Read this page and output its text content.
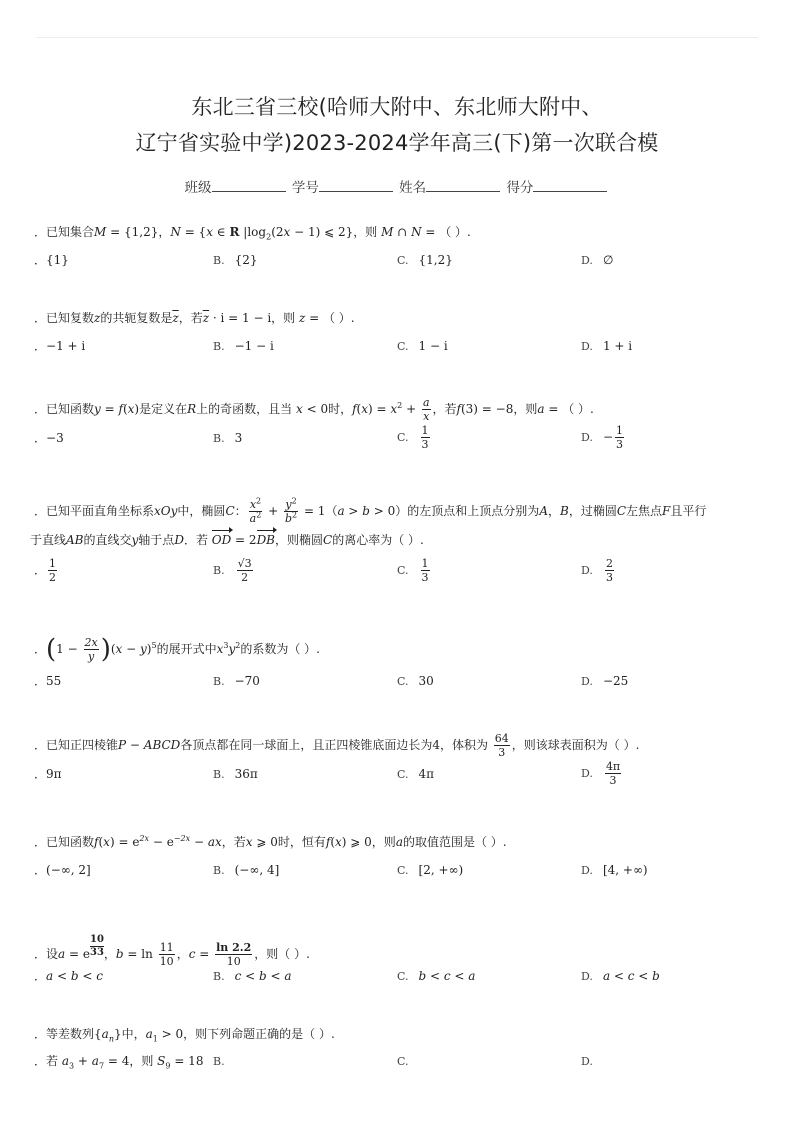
东北三省三校(哈师大附中、东北师大附中、
辽宁省实验中学)2023-2024学年高三(下)第一次联合模
班级	学号	姓名	得分
．已知集合M = {1,2}，N = {x ∈ R $|\log_2(2x - 1)$ ⩽ 2}，则 M ∩ N = （ ）.
．{1}	B. {2}	C. {1,2}	D. ∅
．已知复数z的共轭复数是$\overline{z}$，若$\overline{z} \cdot i = 1 - i$，则 z = （ ）.
．−1 + i	B. −1 − i	C. 1 − i	D. 1 + i
．已知函数y = f(x)是定义在R上的奇函数，且当 x < 0时，$f(x) = x^2 + \frac{a}{x}$ ，若f(3) = −8，则a = （ ）.
．−3	B. 3	C. $\frac{1}{3}$	D. − $\frac{1}{3}$
．已知平面直角坐标系xOy中，椭圆C： $\frac{x^2}{a^2} + \frac{y^2}{b^2} = 1(a > b > 0)$的左顶点和上顶点分别为A，B，过椭圆C左焦点F且平行
于直线AB的直线交y轴于点D．若 OD = 2DB，则椭圆C的离心率为（ ）.
． $\frac{1}{2}$	B. $\frac{√3}{2}$	C. $\frac{1}{3}$	D. $\frac{2}{3}$
．$(1 - \frac{2x}{y} )(x - y)^5$的展开式中$x^3y^2$的系数为（ ）.
．55	B. −70	C. 30	D. −25
．已知正四棱锥P − ABCD各顶点都在同一球面上，且正四棱锥底面边长为4，体积为 $\frac{64}{3}$ ，则该球表面积为（ ）.
．9π	B. 36π	C. 4π	D. $\frac{4\pi}{3}$
．已知函数$f(x) = e^{2x} - e^{-2x}$ − ax，若x ⩾ 0时，恒有f(x) ⩾ 0，则a的取值范围是（ ）.
．(−∞, 2]	B. (−∞, 4]	C. [2, +∞)	D. [4, +∞)
．设a = e $\frac{10}{33}$ ，$b = \ln \frac{11}{10}$ ，$c = \frac{\ln 2.2}{10}$ ，则（ ）.
．a < b < c	B. c < b < a	C. b < c < a	D. a < c < b
．等差数列$\{a_n\}$中，$a_1 > 0$，则下列命题正确的是（ ）.
．若 $a_3 + a_7 = 4$，则 $S_9 = 18$ B.	C.	D.
